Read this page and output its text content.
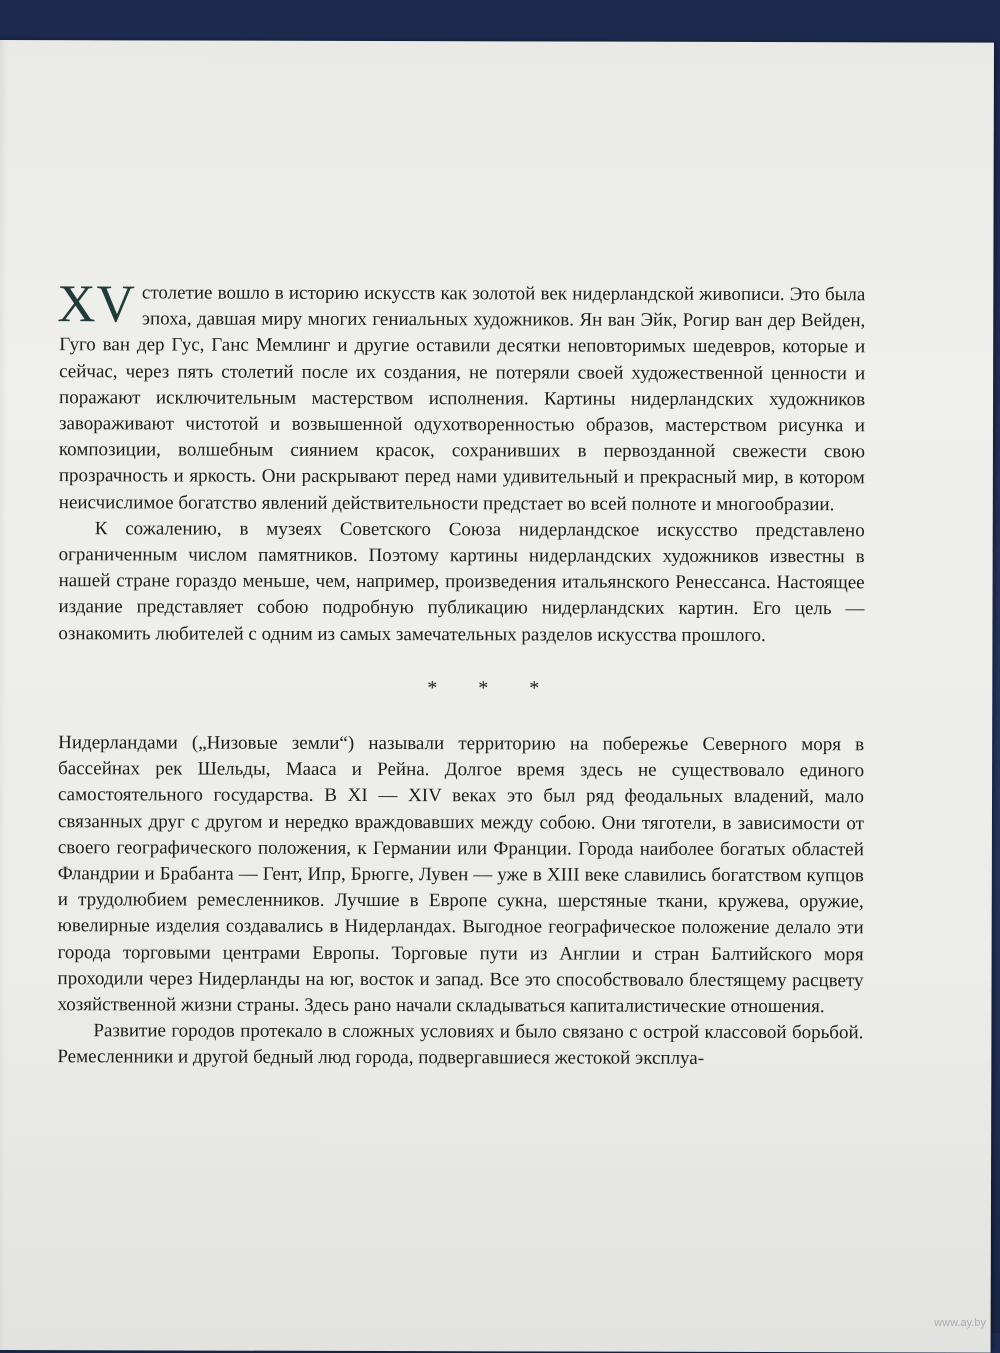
XV столетие вошло в историю искусств как золотой век нидерландской живописи. Это была эпоха, давшая миру многих гениальных художников. Ян ван Эйк, Рогир ван дер Вейден, Гуго ван дер Гус, Ганс Мемлинг и другие оставили десятки неповторимых шедевров, которые и сейчас, через пять столетий после их создания, не потеряли своей художественной ценности и поражают исключительным мастерством исполнения. Картины нидерландских художников завораживают чистотой и возвышенной одухотворенностью образов, мастерством рисунка и композиции, волшебным сиянием красок, сохранивших в первозданной свежести свою прозрачность и яркость. Они раскрывают перед нами удивительный и прекрасный мир, в котором неисчислимое богатство явлений действительности предстает во всей полноте и многообразии.

К сожалению, в музеях Советского Союза нидерландское искусство представлено ограниченным числом памятников. Поэтому картины нидерландских художников известны в нашей стране гораздо меньше, чем, например, произведения итальянского Ренессанса. Настоящее издание представляет собою подробную публикацию нидерландских картин. Его цель — ознакомить любителей с одним из самых замечательных разделов искусства прошлого.

* * *

Нидерландами („Низовые земли“) называли территорию на побережье Северного моря в бассейнах рек Шельды, Мааса и Рейна. Долгое время здесь не существовало единого самостоятельного государства. В XI — XIV веках это был ряд феодальных владений, мало связанных друг с другом и нередко враждовавших между собою. Они тяготели, в зависимости от своего географического положения, к Германии или Франции. Города наиболее богатых областей Фландрии и Брабанта — Гент, Ипр, Брюгге, Лувен — уже в XIII веке славились богатством купцов и трудолюбием ремесленников. Лучшие в Европе сукна, шерстяные ткани, кружева, оружие, ювелирные изделия создавались в Нидерландах. Выгодное географическое положение делало эти города торговыми центрами Европы. Торговые пути из Англии и стран Балтийского моря проходили через Нидерланды на юг, восток и запад. Все это способствовало блестящему расцвету хозяйственной жизни страны. Здесь рано начали складываться капиталистические отношения.

Развитие городов протекало в сложных условиях и было связано с острой классовой борьбой. Ремесленники и другой бедный люд города, подвергавшиеся жестокой эксплуа-

www.ay.by
